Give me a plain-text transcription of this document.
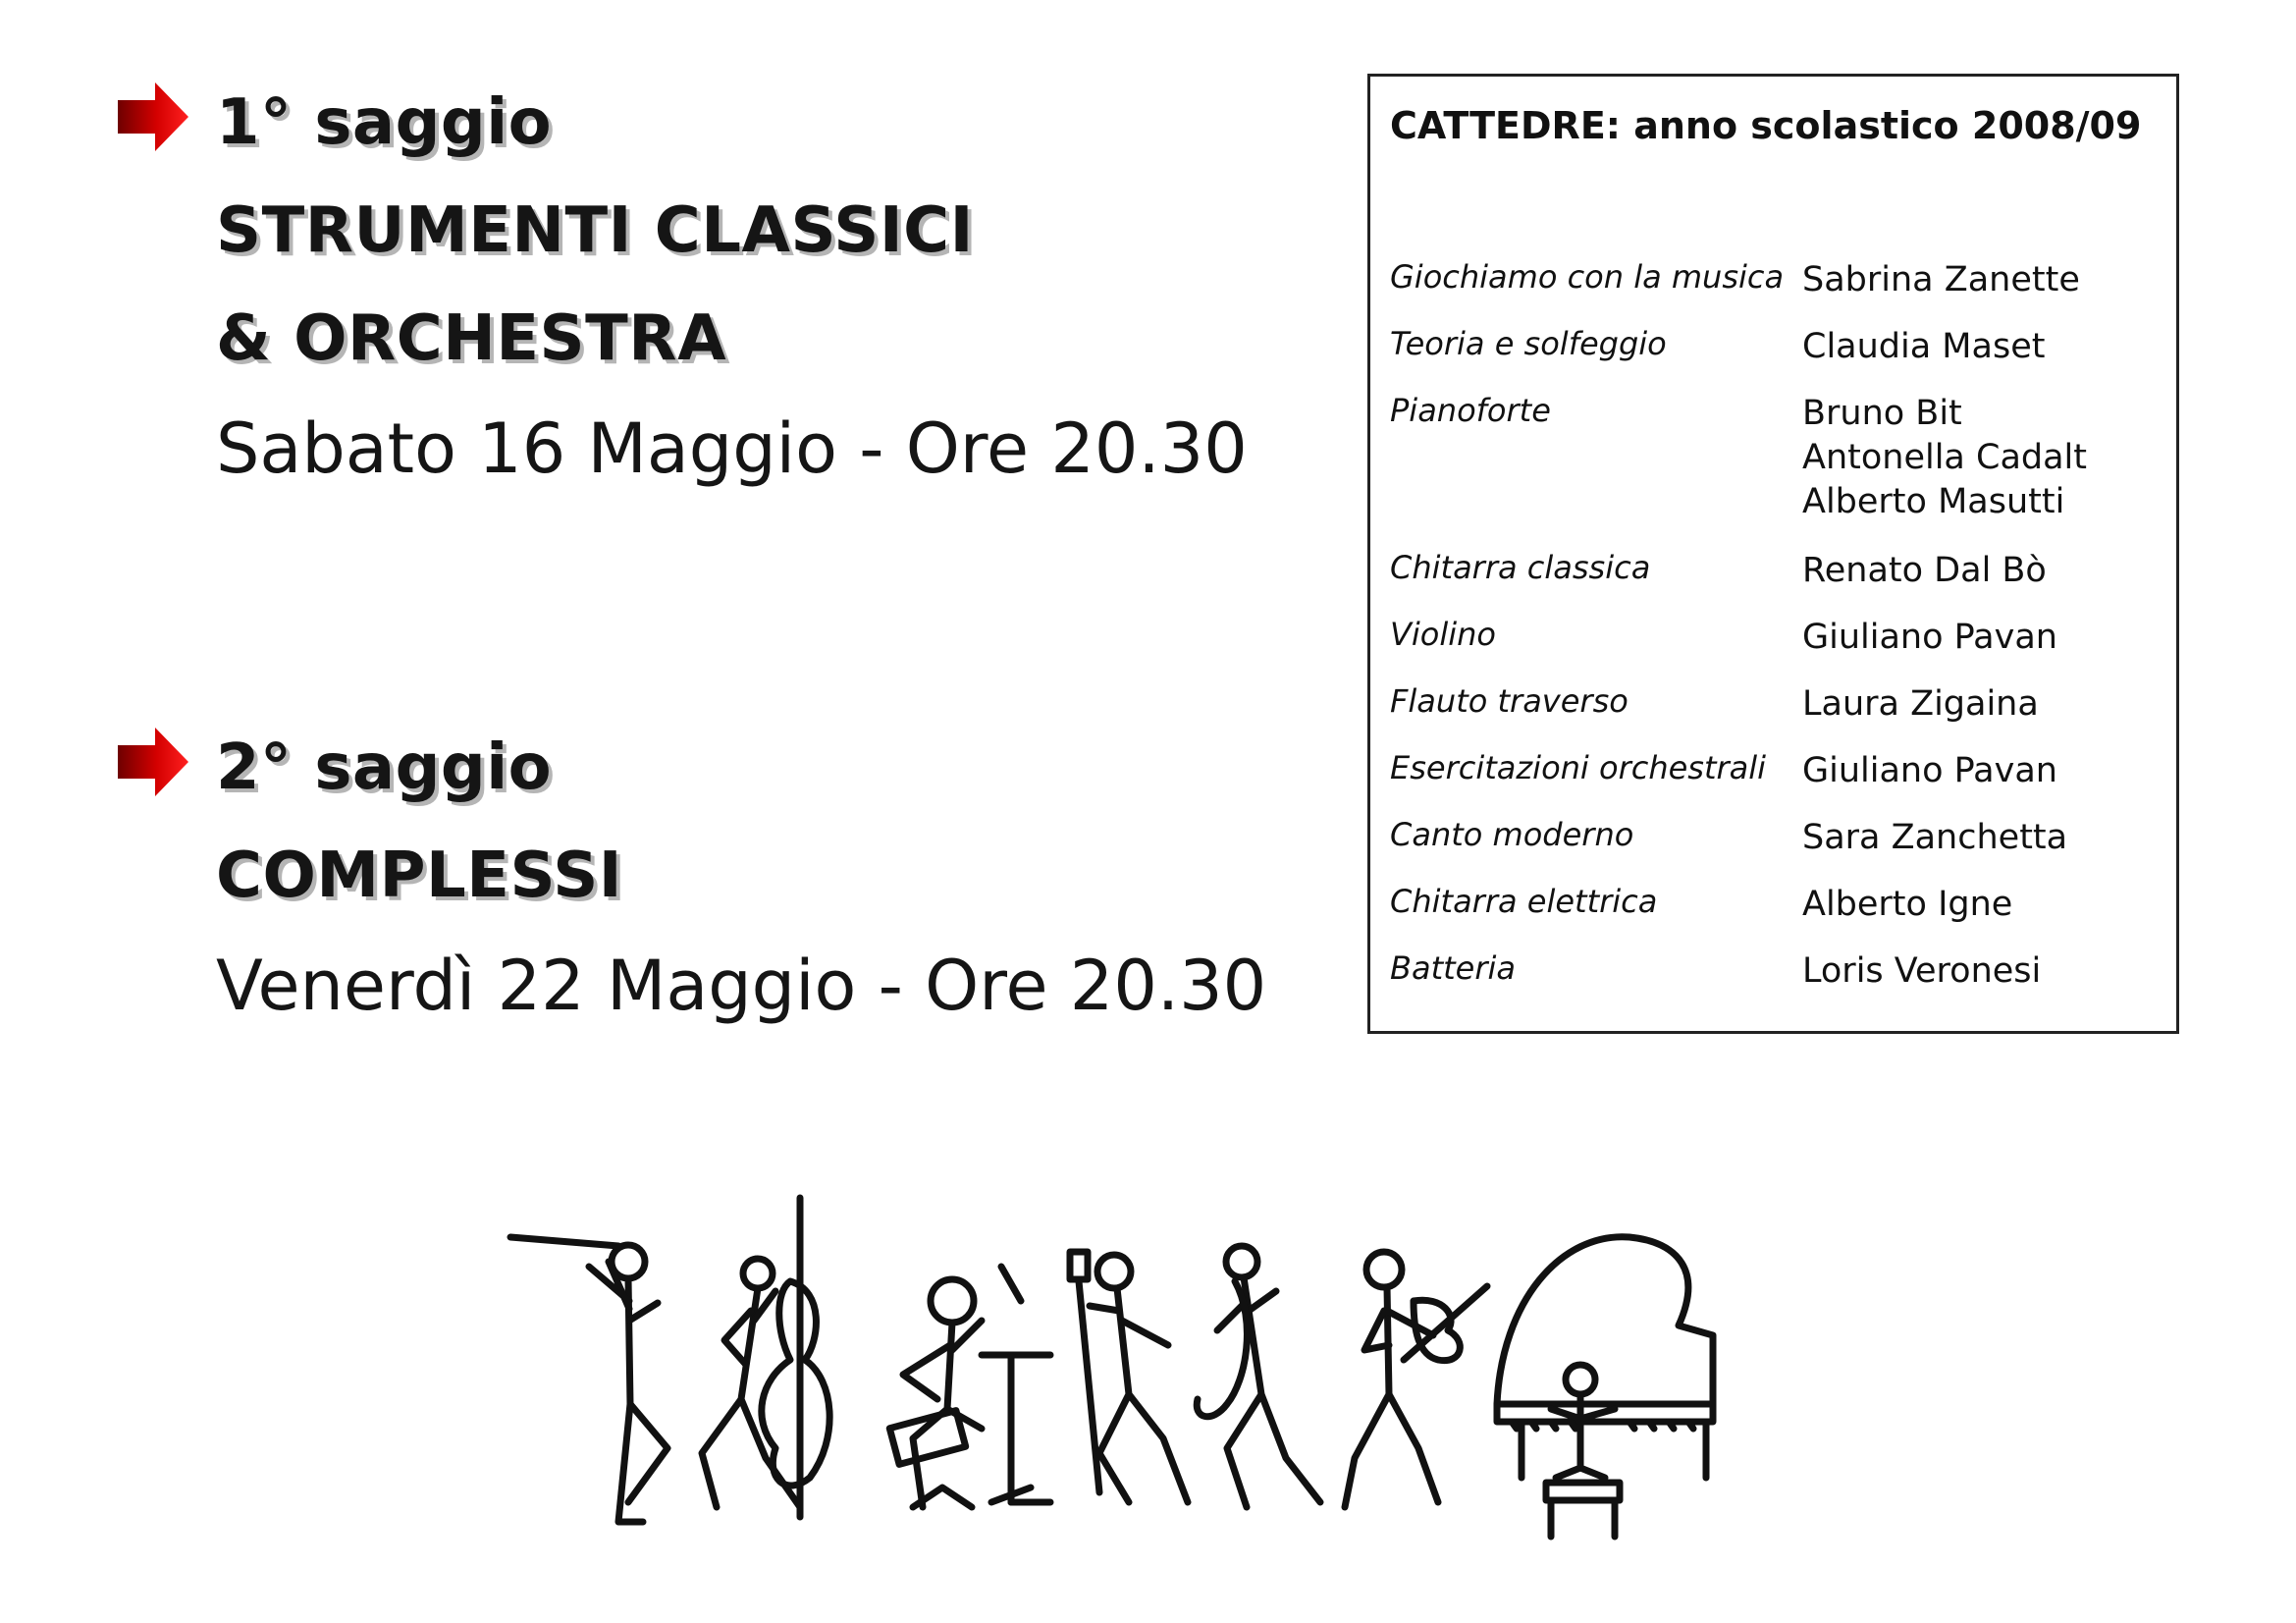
1° saggio
STRUMENTI CLASSICI
& ORCHESTRA
Sabato 16 Maggio - Ore 20.30
2° saggio
COMPLESSI
Venerdì 22 Maggio - Ore 20.30
CATTEDRE: anno scolastico 2008/09
Giochiamo con la musica Sabrina Zanette
Teoria e solfeggio	Claudia Maset
Pianoforte	Bruno Bit
Antonella Cadalt
Alberto Masutti
Chitarra classica	Renato Dal Bò
Violino	Giuliano Pavan
Flauto traverso	Laura Zigaina
Esercitazioni orchestrali Giuliano Pavan
Canto moderno	Sara Zanchetta
Chitarra elettrica	Alberto Igne
Batteria	Loris Veronesi
